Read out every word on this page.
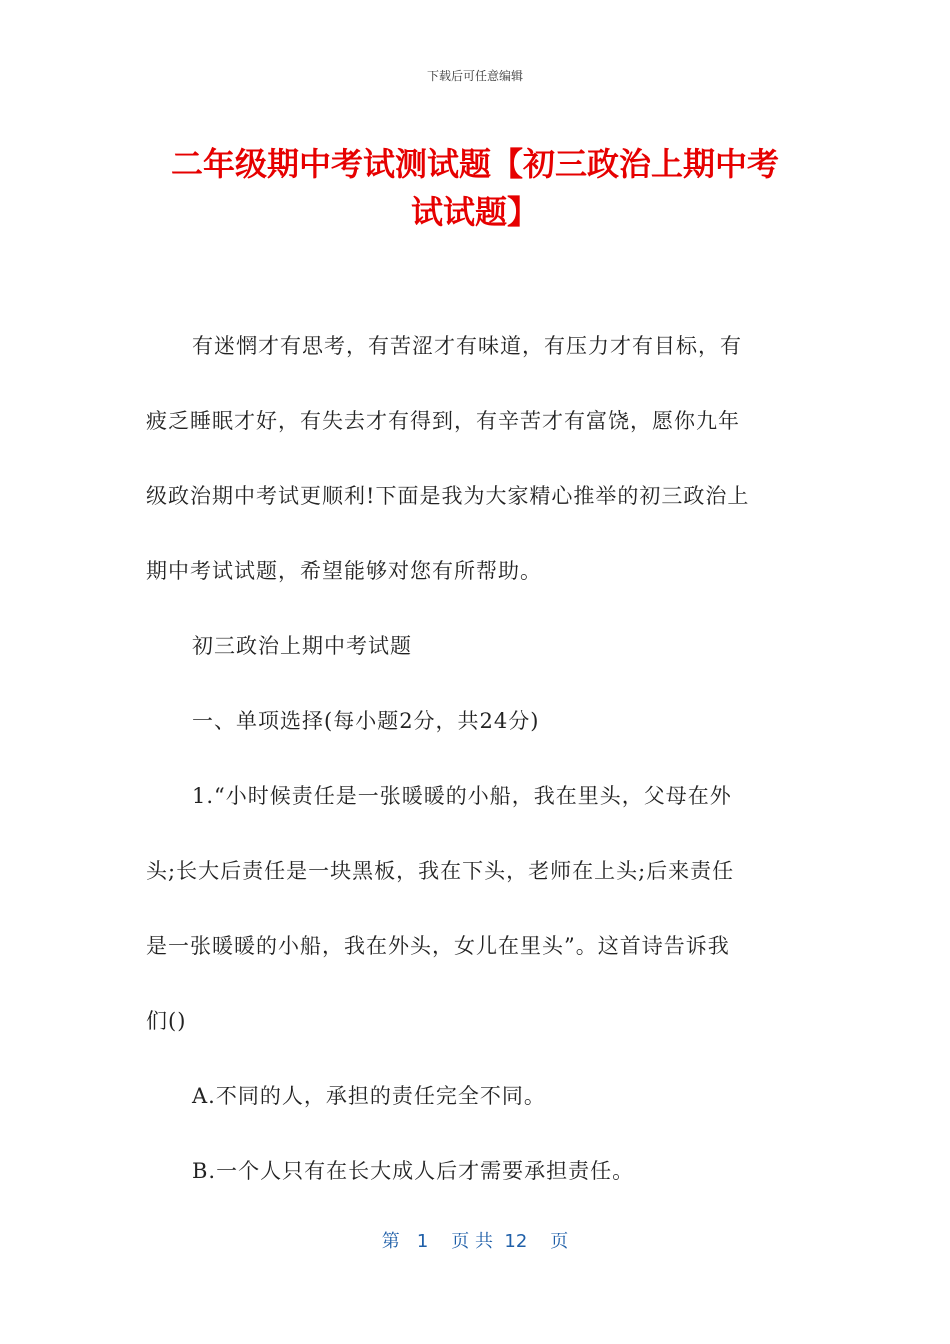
下载后可任意编辑
二年级期中考试测试题【初三政治上期中考
试试题】

有迷惘才有思考，有苦涩才有味道，有压力才有目标，有

疲乏睡眠才好，有失去才有得到，有辛苦才有富饶，愿你九年

级政治期中考试更顺利!下面是我为大家精心推举的初三政治上

期中考试试题，希望能够对您有所帮助。

初三政治上期中考试题

一、单项选择(每小题2分，共24分)

1.“小时候责任是一张暖暖的小船，我在里头，父母在外

头;长大后责任是一块黑板，我在下头，老师在上头;后来责任

是一张暖暖的小船，我在外头，女儿在里头”。这首诗告诉我

们()

A.不同的人，承担的责任完全不同。

B.一个人只有在长大成人后才需要承担责任。

第   1    页 共  12    页
